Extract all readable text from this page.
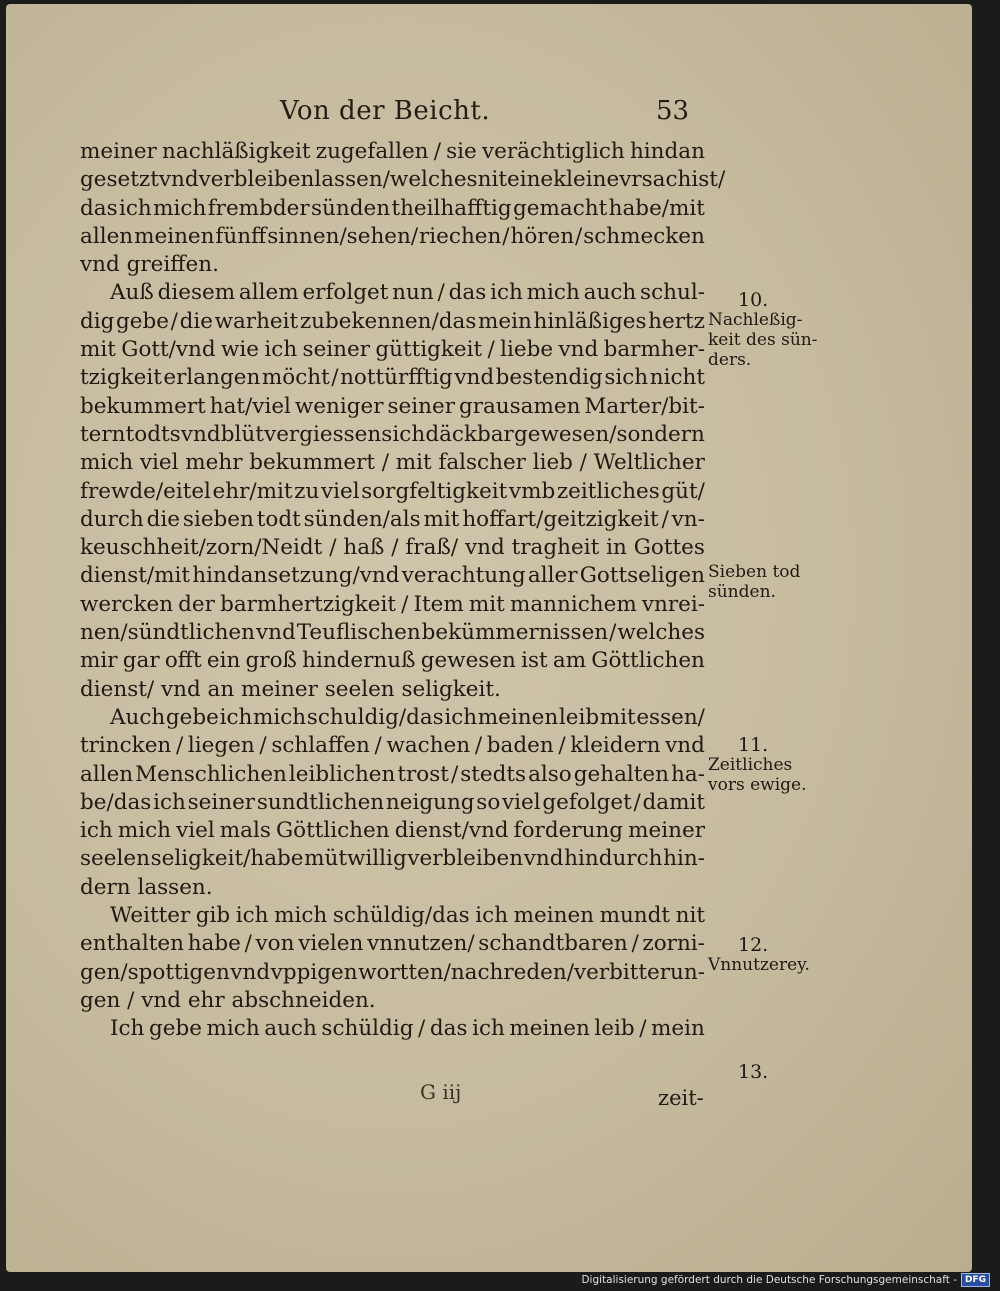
Von der Beicht.	53
meiner nachläßigkeit zugefallen / sie verächtiglich hindan
gesetzt vnd verbleiben lassen/welches nit eine kleine vrsach ist/
das ich mich frembder sünden theilhafftig gemacht habe/mit
allen meinen fünff sinnen/sehen/ riechen / hören / schmecken
vnd greiffen.
Auß diesem allem erfolget nun / das ich mich auch schul-
dig gebe / die warheit zubekennen/das mein hinläßiges hertz
mit Gott/vnd wie ich seiner güttigkeit / liebe vnd barmher-
tzigkeit erlangen möcht / nottürfftig vnd bestendig sich nicht
bekummert hat/viel weniger seiner grausamen Marter/bit-
tern todts vnd blüt vergiessens ich däckbar gewesen/sondern
mich viel mehr bekummert / mit falscher lieb / Weltlicher
frewde/eitel ehr/mit zu viel sorgfeltigkeit vmb zeitliches güt/
durch die sieben todt sünden/als mit hoffart/geitzigkeit / vn-
keuschheit/zorn/Neidt / haß / fraß/ vnd tragheit in Gottes
dienst/mit hindansetzung/vnd verachtung aller Gottseligen
wercken der barmhertzigkeit / Item mit mannichem vnrei-
nen/sündtlichen vnd Teuflischen bekümmernissen / welches
mir gar offt ein groß hindernuß gewesen ist am Göttlichen
dienst/ vnd an meiner seelen seligkeit.
Auch gebe ich mich schuldig/das ich meinen leib mit essen/
trincken / liegen / schlaffen / wachen / baden / kleidern vnd
allen Menschlichen leiblichen trost / stedts also gehalten ha-
be/das ich seiner sundtlichen neigung so viel gefolget / damit
ich mich viel mals Göttlichen dienst/vnd forderung meiner
seelen seligkeit/habe mütwillig verbleiben vnd hindurch hin-
dern lassen.
Weitter gib ich mich schüldig/das ich meinen mundt nit
enthalten habe / von vielen vnnutzen/ schandtbaren / zorni-
gen/spottigen vnd vppigen wortten/nachreden/verbitterun-
gen / vnd ehr abschneiden.
Ich gebe mich auch schüldig / das ich meinen leib / mein
10.
Nachleßig-
keit des sün-
ders.
Sieben tod
sünden.
11.
Zeitliches
vors ewige.
12.
Vnnutzerey.
13.
G iij	zeit-
Digitalisierung gefördert durch die Deutsche Forschungsgemeinschaft - DFG
